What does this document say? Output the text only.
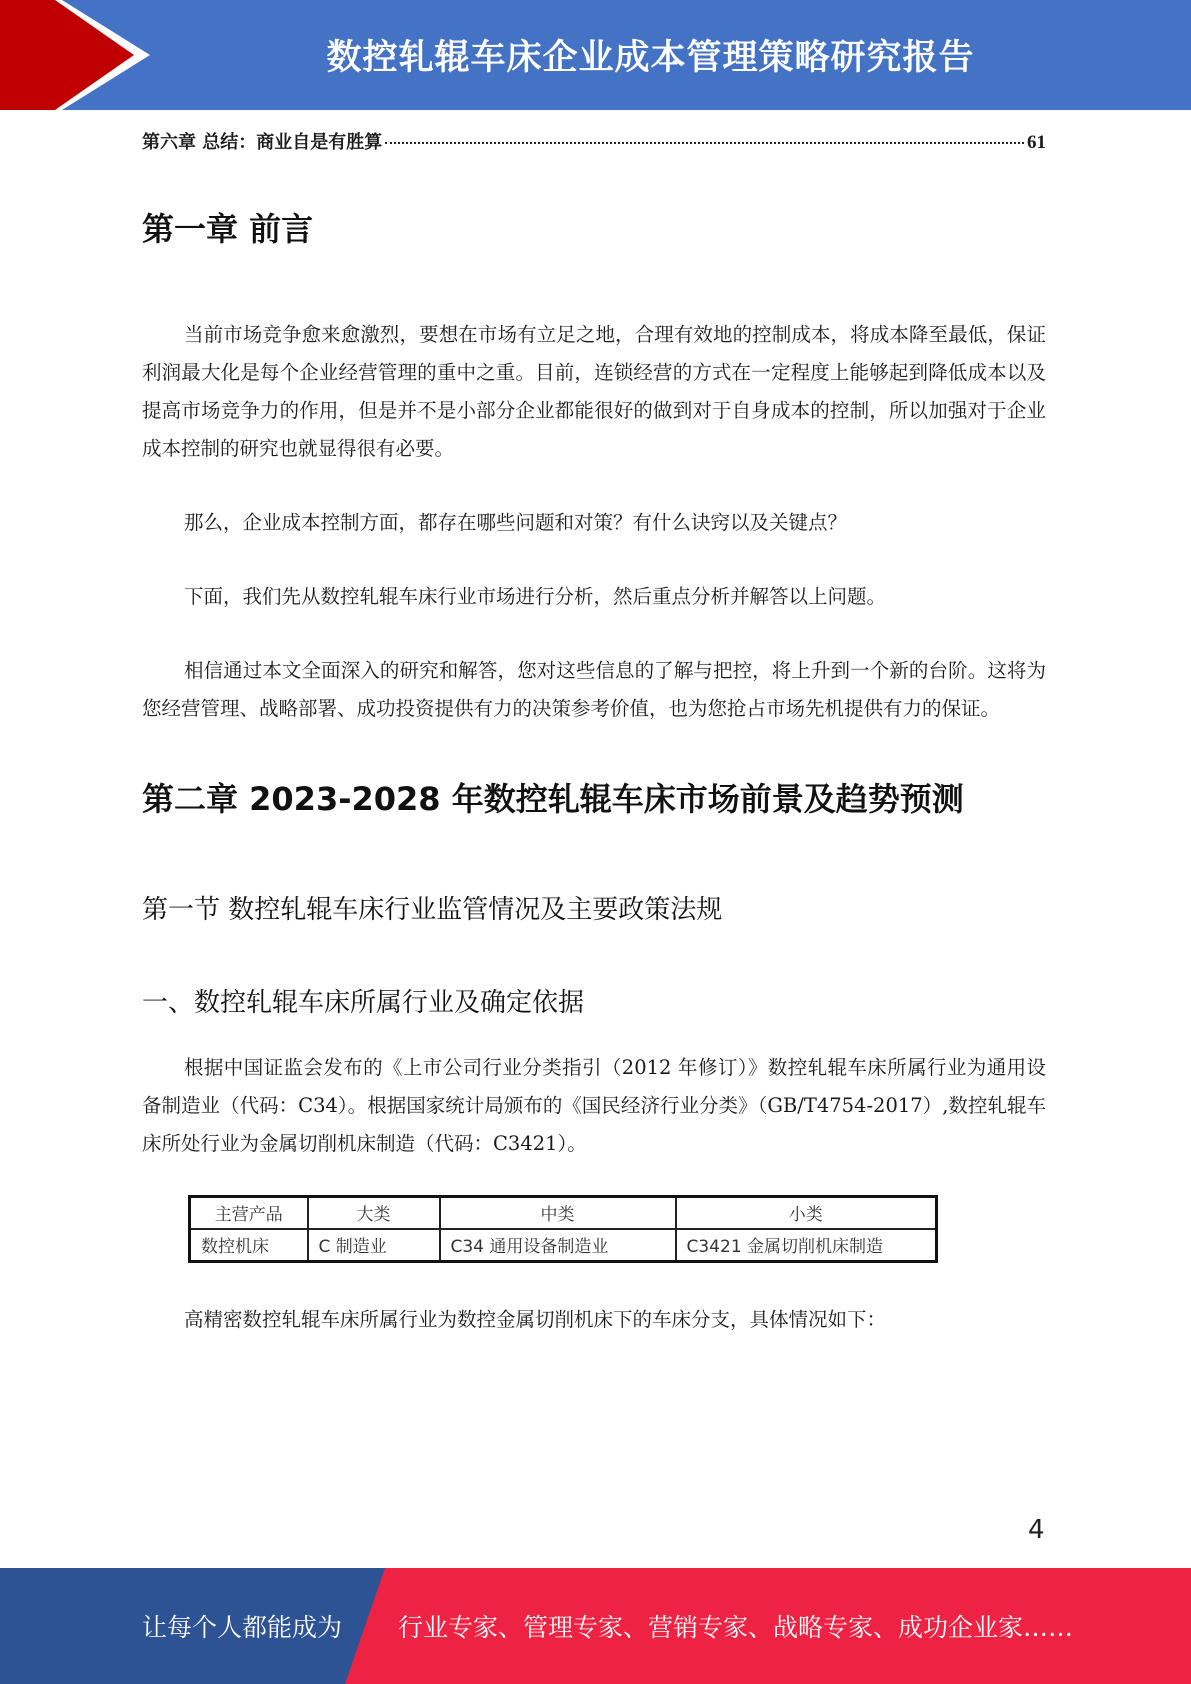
数控轧辊车床企业成本管理策略研究报告
第六章 总结：商业自是有胜算	61
第一章 前言

当前市场竞争愈来愈激烈，要想在市场有立足之地，合理有效地的控制成本，将成本降至最低，保证利润最大化是每个企业经营管理的重中之重。目前，连锁经营的方式在一定程度上能够起到降低成本以及提高市场竞争力的作用，但是并不是小部分企业都能很好的做到对于自身成本的控制，所以加强对于企业成本控制的研究也就显得很有必要。

那么，企业成本控制方面，都存在哪些问题和对策？有什么诀窍以及关键点？

下面，我们先从数控轧辊车床行业市场进行分析，然后重点分析并解答以上问题。

相信通过本文全面深入的研究和解答，您对这些信息的了解与把控，将上升到一个新的台阶。这将为您经营管理、战略部署、成功投资提供有力的决策参考价值，也为您抢占市场先机提供有力的保证。

第二章 2023-2028 年数控轧辊车床市场前景及趋势预测
第一节 数控轧辊车床行业监管情况及主要政策法规
一、数控轧辊车床所属行业及确定依据

根据中国证监会发布的《上市公司行业分类指引（2012 年修订）》数控轧辊车床所属行业为通用设备制造业（代码：C34）。根据国家统计局颁布的《国民经济行业分类》（GB/T4754-2017）,数控轧辊车床所处行业为金属切削机床制造（代码：C3421）。

主营产品	大类	中类	小类
数控机床	C 制造业	C34 通用设备制造业	C3421 金属切削机床制造

高精密数控轧辊车床所属行业为数控金属切削机床下的车床分支，具体情况如下：

4
让每个人都能成为 行业专家、管理专家、营销专家、战略专家、成功企业家……
